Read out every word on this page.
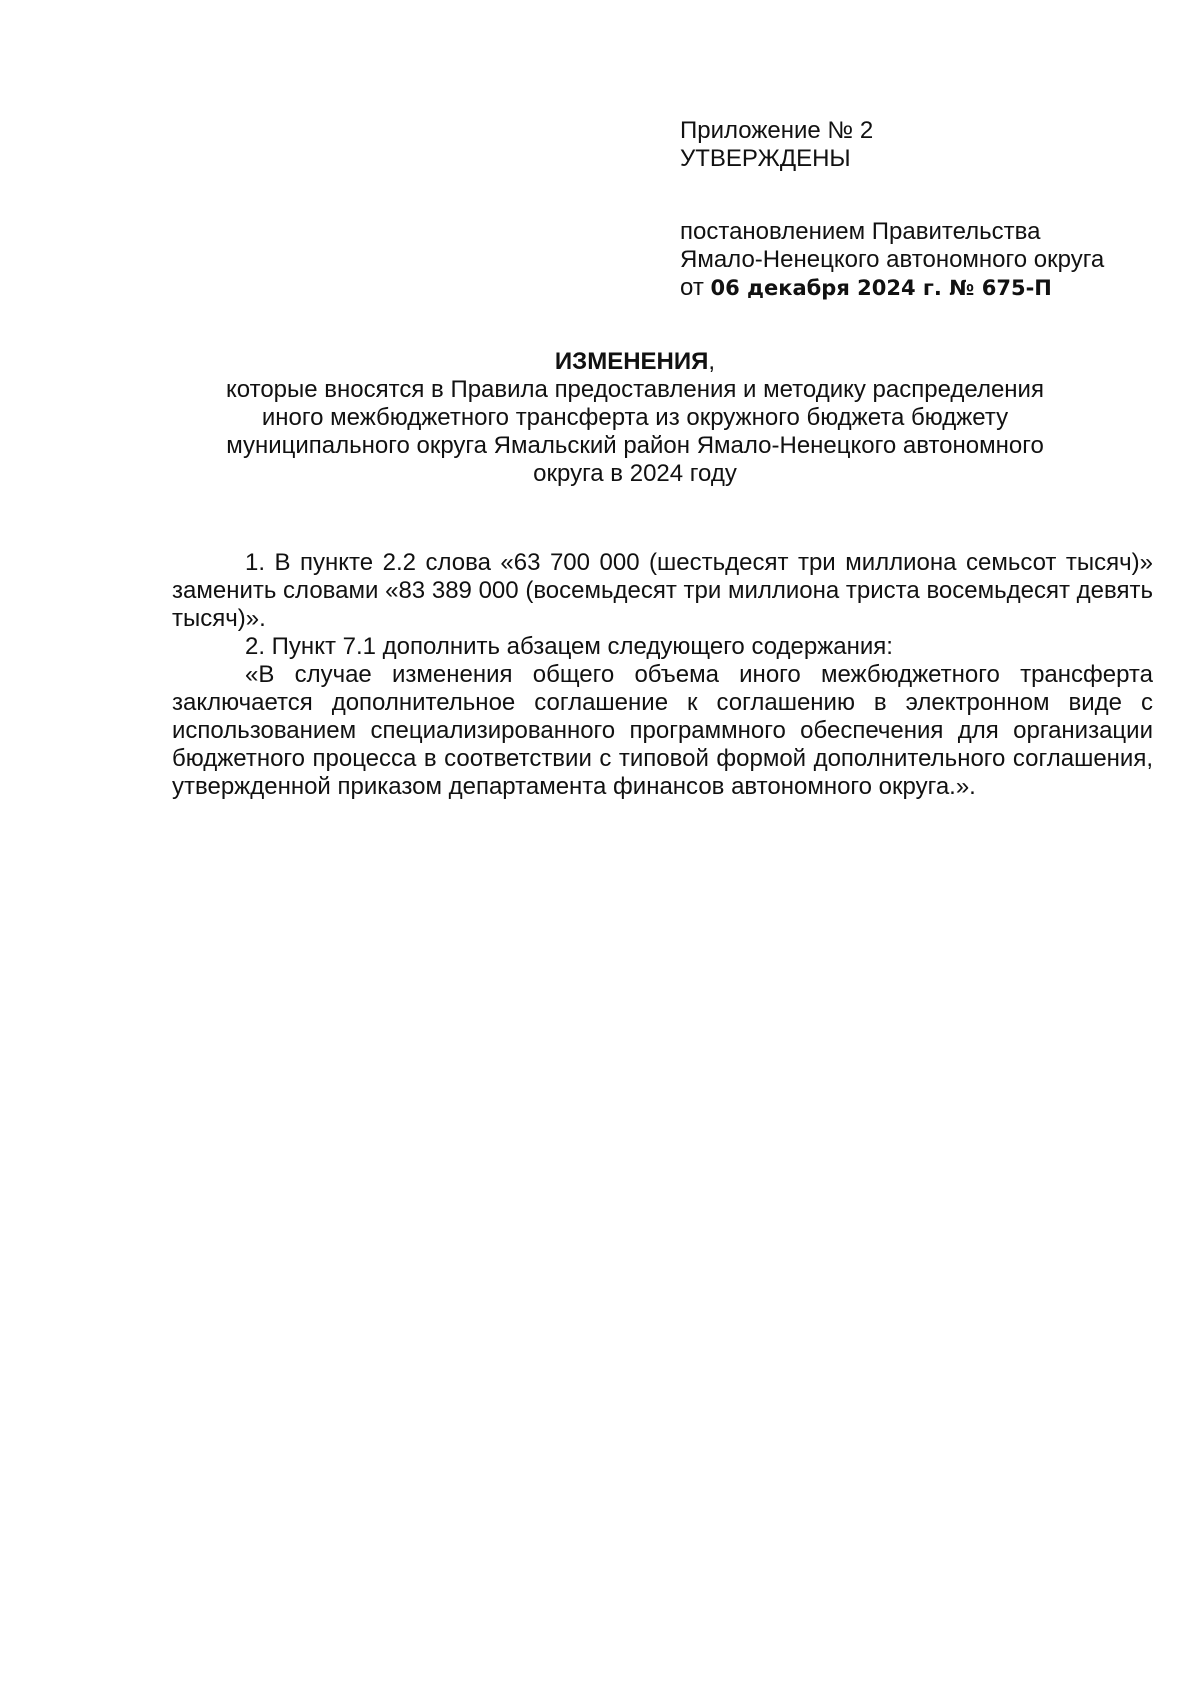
Приложение № 2
УТВЕРЖДЕНЫ
постановлением Правительства
Ямало-Ненецкого автономного округа
от 06 декабря 2024 г. № 675-П
ИЗМЕНЕНИЯ,
которые вносятся в Правила предоставления и методику распределения
иного межбюджетного трансферта из окружного бюджета бюджету
муниципального округа Ямальский район Ямало-Ненецкого автономного
округа в 2024 году

1. В пункте 2.2 слова «63 700 000 (шестьдесят три миллиона семьсот тысяч)» заменить словами «83 389 000 (восемьдесят три миллиона триста восемьдесят девять тысяч)».

2. Пункт 7.1 дополнить абзацем следующего содержания:

«В случае изменения общего объема иного межбюджетного трансферта заключается дополнительное соглашение к соглашению в электронном виде с использованием специализированного программного обеспечения для организации бюджетного процесса в соответствии с типовой формой дополнительного соглашения, утвержденной приказом департамента финансов автономного округа.».
